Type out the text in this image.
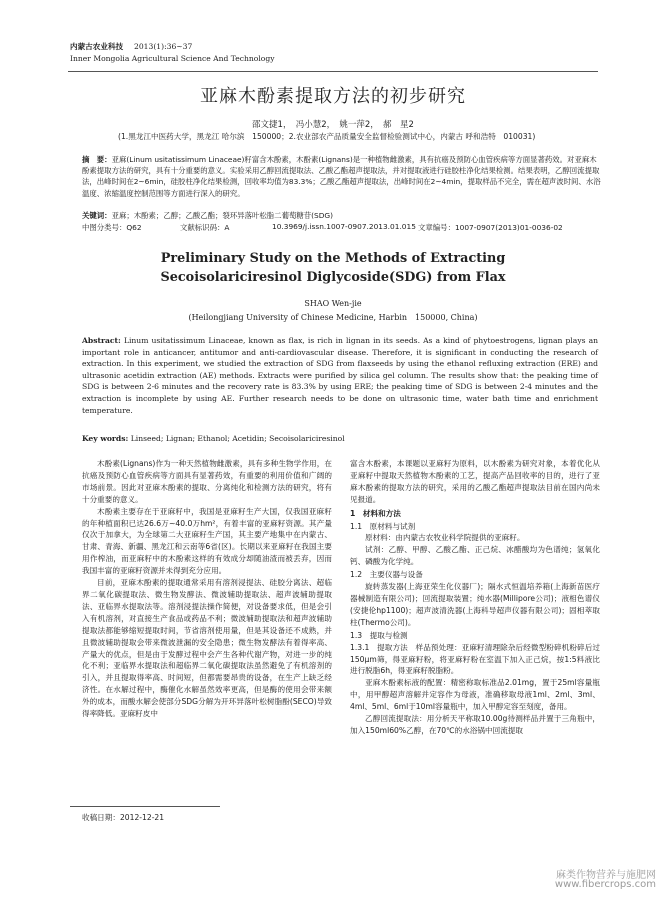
内蒙古农业科技 2013(1):36~37
Inner Mongolia Agricultural Science And Technology
亚麻木酚素提取方法的初步研究
邵文捷1，　冯小慧2，　姚一萍2，　郝　星2
(1.黑龙江中医药大学，黑龙江 哈尔滨　150000；2.农业部农产品质量安全监督检验测试中心，内蒙古 呼和浩特　010031)
摘　要：亚麻(Linum usitatissimum Linaceae)籽富含木酚素，木酚素(Lignans)是一种植物雌激素，具有抗癌及预防心血管疾病等方面显著药效。对亚麻木酚素提取方法的研究，具有十分重要的意义。实验采用乙醇回流提取法、乙酸乙酯超声提取法，并对提取液进行硅胶柱净化结果检测。结果表明，乙醇回流提取法，出峰时间在2~6min，硅胶柱净化结果检测，回收率均值为83.3%；乙酸乙酯超声提取法，出峰时间在2~4min，提取样品不完全，需在超声波时间、水浴温度、浓缩温度控制范围等方面进行深入的研究。
关键词：亚麻；木酚素；乙醇；乙酸乙酯；裂环异落叶松脂二葡萄糖苷(SDG)
中图分类号：Q62	文献标识码：A	10.3969/j.issn.1007-0907.2013.01.015 文章编号：1007-0907(2013)01-0036-02
Preliminary Study on the Methods of Extracting Secoisolariciresinol Diglycoside(SDG) from Flax
SHAO Wen-jie
(Heilongjiang University of Chinese Medicine, Harbin　150000, China)
Abstract: Linum usitatissimum Linaceae, known as flax, is rich in lignan in its seeds. As a kind of phytoestrogens, lignan plays an important role in anticancer, antitumor and anti-cardiovascular disease. Therefore, it is significant in conducting the research of extraction. In this experiment, we studied the extraction of SDG from flaxseeds by using the ethanol refluxing extraction (ERE) and ultrasonic acetidin extraction (AE) methods. Extracts were purified by silica gel column. The results show that: the peaking time of SDG is between 2-6 minutes and the recovery rate is 83.3% by using ERE; the peaking time of SDG is between 2-4 minutes and the extraction is incomplete by using AE. Further research needs to be done on ultrasonic time, water bath time and enrichment temperature.
Key words: Linseed; Lignan; Ethanol; Acetidin; Secoisolariciresinol

木酚素(Lignans)作为一种天然植物雌激素，具有多种生物学作用，在抗癌及预防心血管疾病等方面具有显著药效，有重要的利用价值和广阔的市场前景。因此对亚麻木酚素的提取、分离纯化和检测方法的研究，将有十分重要的意义。

木酚素主要存在于亚麻籽中，我国是亚麻籽生产大国，仅我国亚麻籽的年种植面积已达26.6万~40.0万hm²，有着丰富的亚麻籽资源。其产量仅次于加拿大，为全球第二大亚麻籽生产国，其主要产地集中在内蒙古、甘肃、青海、新疆、黑龙江和云南等6省(区)。长期以来亚麻籽在我国主要用作榨油，而亚麻籽中的木酚素这样的有效成分却随油渣而被丢弃，因而我国丰富的亚麻籽资源并未得到充分应用。

目前，亚麻木酚素的提取通常采用有溶剂浸提法、硅胶分离法、超临界二氧化碳提取法、微生物发酵法、微波辅助提取法、超声波辅助提取法、亚临界水提取法等。溶剂浸提法操作简便，对设备要求低，但是会引入有机溶剂，对直接生产食品或药品不利；微波辅助提取法和超声波辅助提取法都能够缩短提取时间，节省溶剂使用量，但是其设备还不成熟，并且微波辅助提取会带来微波泄漏的安全隐患；微生物发酵法有着得率高、产量大的优点，但是由于发酵过程中会产生各种代谢产物，对进一步的纯化不利；亚临界水提取法和超临界二氧化碳提取法虽然避免了有机溶剂的引入，并且提取得率高、时间短，但都需要昂贵的设备，在生产上缺乏经济性。在水解过程中，酶催化水解虽然效率更高，但是酶的使用会带来额外的成本，而酸水解会使部分SDG分解为开环异落叶松树脂酚(SECO)导致得率降低。亚麻籽皮中

富含木酚素，本课题以亚麻籽为原料，以木酚素为研究对象，本着优化从亚麻籽中提取天然植物木酚素的工艺，提高产品回收率的目的，进行了亚麻木酚素的提取方法的研究，采用的乙酸乙酯超声提取法目前在国内尚未见报道。

1　材料和方法

1.1　原材料与试剂

原材料：由内蒙古农牧业科学院提供的亚麻籽。

试剂：乙醇、甲醇、乙酸乙酯、正己烷、冰醋酸均为色谱纯；氢氧化钙、磷酸为化学纯。

1.2　主要仪器与设备

旋转蒸发器(上海亚荣生化仪器厂)；隔水式恒温培养箱(上海新苗医疗器械制造有限公司)；回流提取装置；纯水器(Millipore公司)；液相色谱仪(安捷伦hp1100)；超声波清洗器(上海科导超声仪器有限公司)；固相萃取柱(Thermo公司)。

1.3　提取与检测

1.3.1　提取方法　样品预处理：亚麻籽清理除杂后经微型粉碎机粉碎后过150μm筛，得亚麻籽粉，将亚麻籽粉在室温下加入正己烷，按1:5料液比进行脱脂6h，得亚麻籽脱脂粉。

亚麻木酚素标液的配置：精密称取标准品2.01mg，置于25ml容量瓶中，用甲醇超声溶解并定容作为母液，准确移取母液1ml、2ml、3ml、4ml、5ml、6ml于10ml容量瓶中，加入甲醇定容至刻度，备用。

乙醇回流提取法：用分析天平称取10.00g待测样品并置于三角瓶中，加入150ml60%乙醇，在70℃的水浴锅中回流提取

收稿日期：2012-12-21
麻类作物营养与施肥网
www.fibercrops.com
